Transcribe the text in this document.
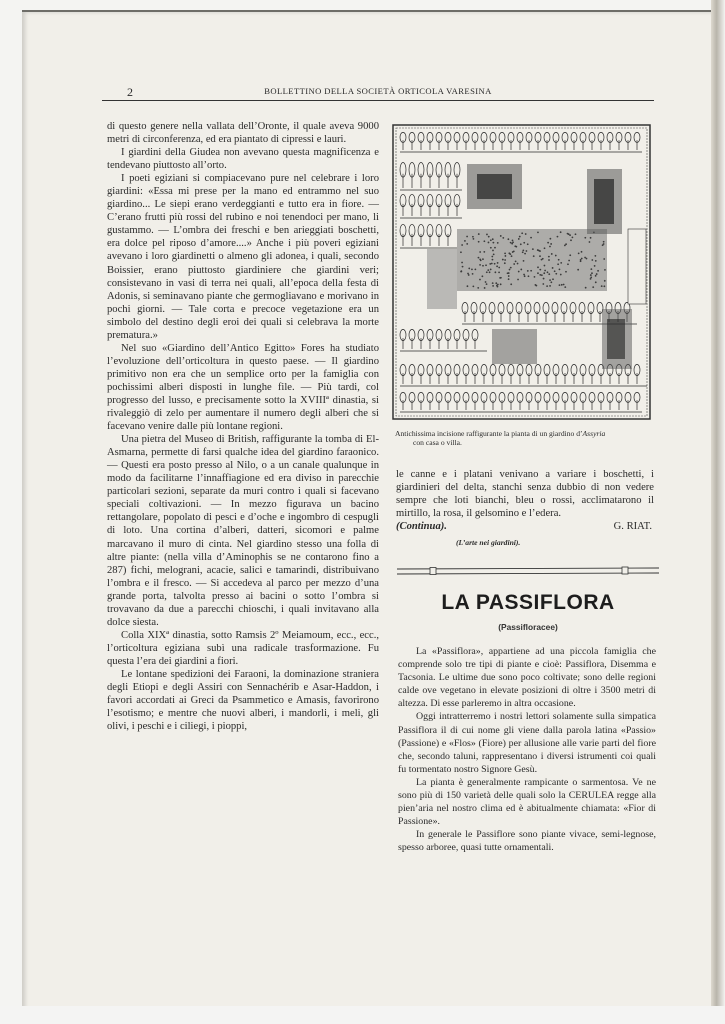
2	BOLLETTINO DELLA SOCIETÀ ORTICOLA VARESINA

di questo genere nella vallata dell’Oronte, il quale aveva 9000 metri di circonferenza, ed era piantato di cipressi e lauri.

I giardini della Giudea non avevano questa magnificenza e tendevano piuttosto all’orto.

I poeti egiziani si compiacevano pure nel celebrare i loro giardini: «Essa mi prese per la mano ed entrammo nel suo giardino... Le siepi erano verdeggianti e tutto era in fiore. — C’erano frutti più rossi del rubino e noi tenendoci per mano, li gustammo. — L’ombra dei freschi e ben arieggiati boschetti, era dolce pel riposo d’amore....» Anche i più poveri egiziani avevano i loro giardinetti o almeno gli adonea, i quali, secondo Boissier, erano piuttosto giardiniere che giardini veri; consistevano in vasi di terra nei quali, all’epoca della festa di Adonis, si seminavano piante che germogliavano e morivano in pochi giorni. — Tale corta e precoce vegetazione era un simbolo del destino degli eroi dei quali si celebrava la morte prematura.»

Nel suo «Giardino dell’Antico Egitto» Fores ha studiato l’evoluzione dell’orticoltura in questo paese. — Il giardino primitivo non era che un semplice orto per la famiglia con pochissimi alberi disposti in lunghe file. — Più tardi, col progresso del lusso, e precisamente sotto la XVIIIª dinastia, si rivaleggiò di zelo per aumentare il numero degli alberi che si facevano venire dalle più lontane regioni.

Una pietra del Museo di British, raffigurante la tomba di El-Asmarna, permette di farsi qualche idea del giardino faraonico. — Questi era posto presso al Nilo, o a un canale qualunque in modo da facilitarne l’innaffiagione ed era diviso in parecchie particolari sezioni, separate da muri contro i quali si facevano speciali coltivazioni. — In mezzo figurava un bacino rettangolare, popolato di pesci e d’oche e ingombro di cespugli di loto. Una cortina d’alberi, datteri, sicomori e palme marcavano il muro di cinta. Nel giardino stesso una folla di altre piante: (nella villa d’Aminophis se ne contarono fino a 287) fichi, melograni, acacie, salici e tamarindi, distribuivano l’ombra e il fresco. — Si accedeva al parco per mezzo d’una grande porta, talvolta presso ai bacini o sotto l’ombra si trovavano da due a parecchi chioschi, i quali invitavano alla dolce siesta.

Colla XIXª dinastia, sotto Ramsis 2º Meiamoum, ecc., ecc., l’orticoltura egiziana subì una radicale trasformazione. Fu questa l’era dei giardini a fiori.

Le lontane spedizioni dei Faraoni, la dominazione straniera degli Etiopi e degli Assiri con Sennachérib e Asar-Haddon, i favori accordati ai Greci da Psammetico e Amasis, favorirono l’esotismo; e mentre che nuovi alberi, i mandorli, i meli, gli olivi, i peschi e i ciliegi, i pioppi,

Antichissima incisione raffigurante la pianta di un giardino d’Assyria
con casa o villa.

le canne e i platani venivano a variare i boschetti, i giardinieri del delta, stanchi senza dubbio di non vedere sempre che loti bianchi, bleu o rossi, acclimatarono il mirtillo, la rosa, il gelsomino e l’edera.

(Continua).	G. RIAT.
(L’arte nei giardini).
LA PASSIFLORA
(Passifloracee)

La «Passiflora», appartiene ad una piccola famiglia che comprende solo tre tipi di piante e cioè: Passiflora, Disemma e Tacsonia. Le ultime due sono poco coltivate; sono delle regioni calde ove vegetano in elevate posizioni di oltre i 3500 metri di altezza. Di esse parleremo in altra occasione.

Oggi intratterremo i nostri lettori solamente sulla simpatica Passiflora il di cui nome gli viene dalla parola latina «Passio» (Passione) e «Flos» (Fiore) per allusione alle varie parti del fiore che, secondo taluni, rappresentano i diversi istrumenti coi quali fu tormentato nostro Signore Gesù.

La pianta è generalmente rampicante o sarmentosa. Ve ne sono più di 150 varietà delle quali solo la CERULEA regge alla pien’aria nel nostro clima ed è abitualmente chiamata: «Fior di Passione».

In generale le Passiflore sono piante vivace, semi-legnose, spesso arboree, quasi tutte ornamentali.
